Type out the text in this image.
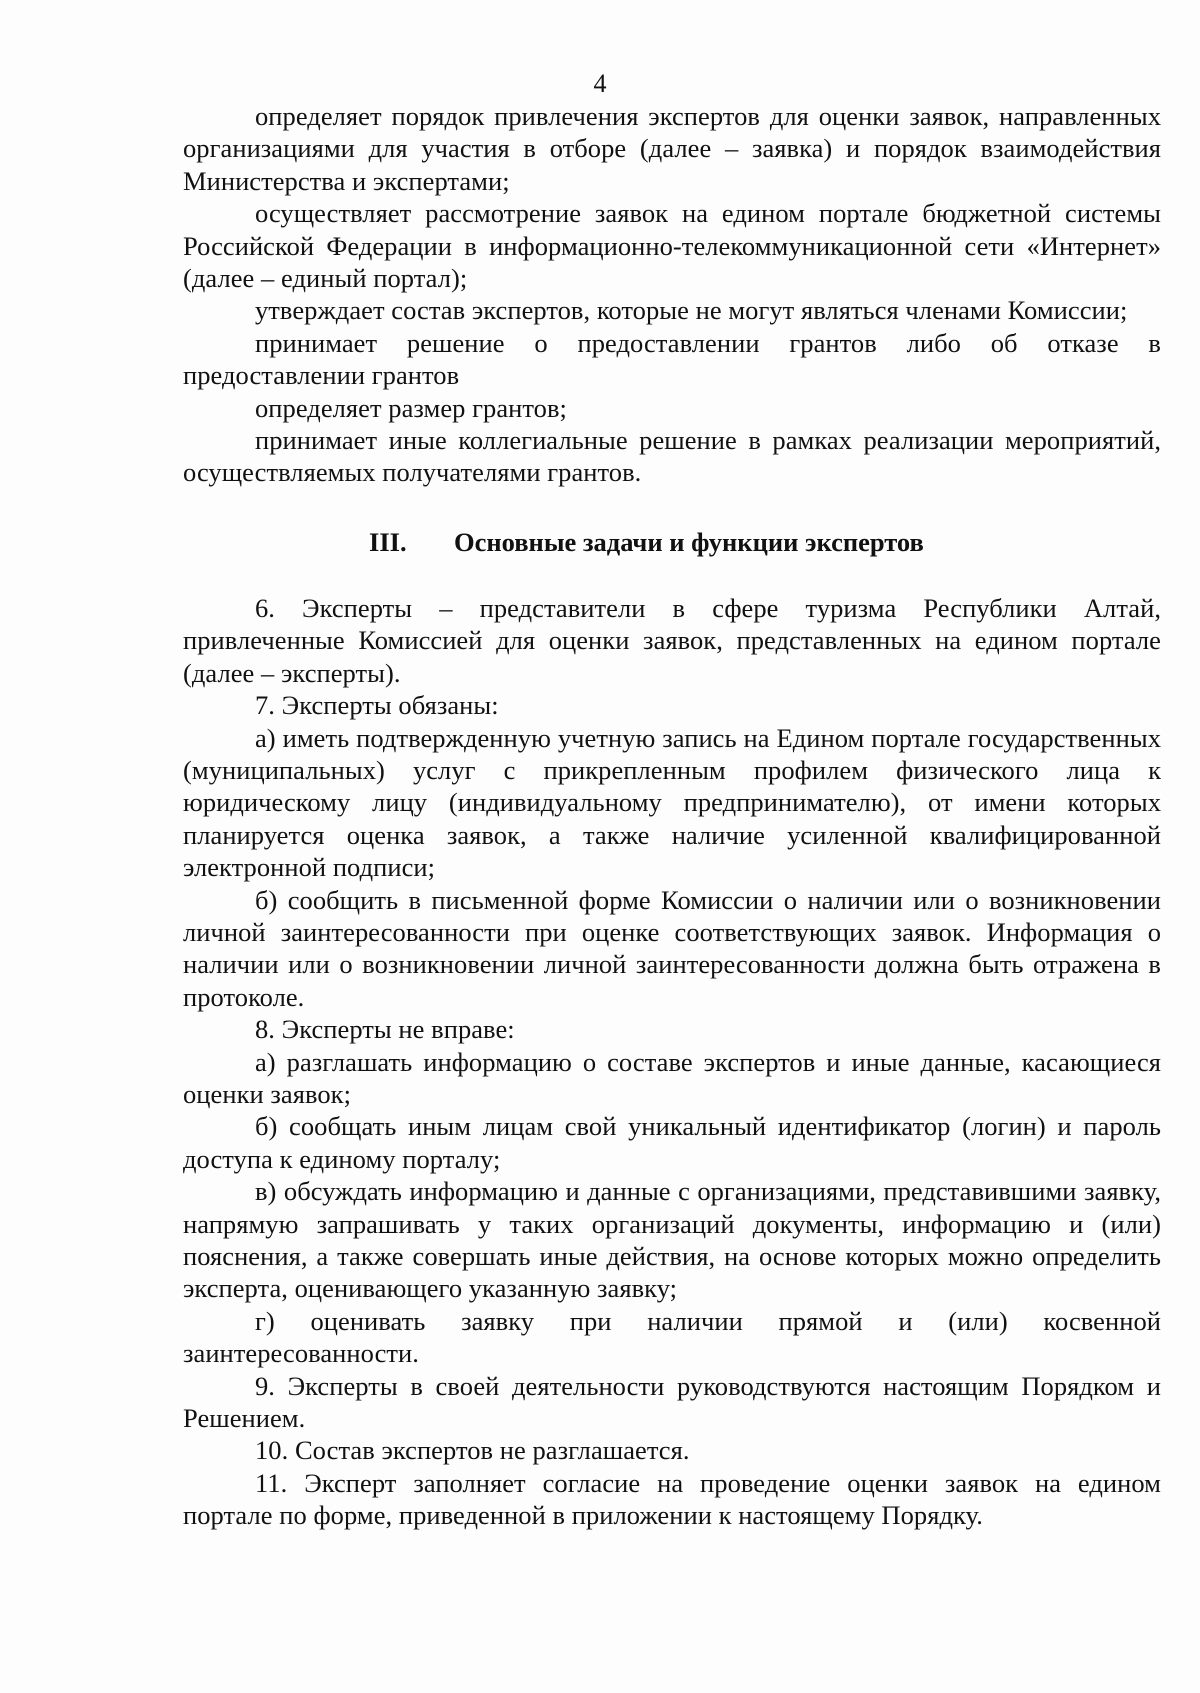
4

определяет порядок привлечения экспертов для оценки заявок, направленных организациями для участия в отборе (далее – заявка) и порядок взаимодействия Министерства и экспертами;

осуществляет рассмотрение заявок на едином портале бюджетной системы Российской Федерации в информационно-телекоммуникационной сети «Интернет» (далее – единый портал);

утверждает состав экспертов, которые не могут являться членами Комиссии;

принимает решение о предоставлении грантов либо об отказе в предоставлении грантов

определяет размер грантов;

принимает иные коллегиальные решение в рамках реализации мероприятий, осуществляемых получателями грантов.

III. Основные задачи и функции экспертов

6. Эксперты – представители в сфере туризма Республики Алтай, привлеченные Комиссией для оценки заявок, представленных на едином портале (далее – эксперты).

7. Эксперты обязаны:

а) иметь подтвержденную учетную запись на Едином портале государственных (муниципальных) услуг с прикрепленным профилем физического лица к юридическому лицу (индивидуальному предпринимателю), от имени которых планируется оценка заявок, а также наличие усиленной квалифицированной электронной подписи;

б) сообщить в письменной форме Комиссии о наличии или о возникновении личной заинтересованности при оценке соответствующих заявок. Информация о наличии или о возникновении личной заинтересованности должна быть отражена в протоколе.

8. Эксперты не вправе:

а) разглашать информацию о составе экспертов и иные данные, касающиеся оценки заявок;

б) сообщать иным лицам свой уникальный идентификатор (логин) и пароль доступа к единому порталу;

в) обсуждать информацию и данные с организациями, представившими заявку, напрямую запрашивать у таких организаций документы, информацию и (или) пояснения, а также совершать иные действия, на основе которых можно определить эксперта, оценивающего указанную заявку;

г) оценивать заявку при наличии прямой и (или) косвенной заинтересованности.

9. Эксперты в своей деятельности руководствуются настоящим Порядком и Решением.

10. Состав экспертов не разглашается.

11. Эксперт заполняет согласие на проведение оценки заявок на едином портале по форме, приведенной в приложении к настоящему Порядку.
